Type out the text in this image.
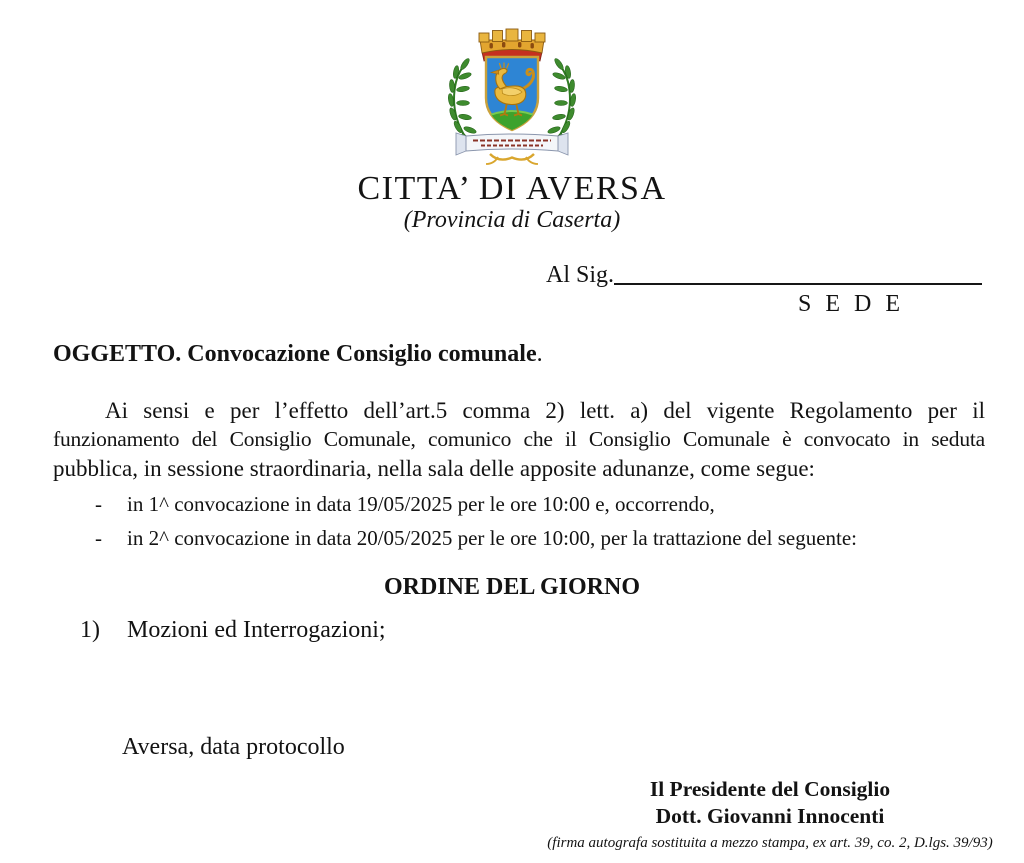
CITTA’ DI AVERSA
(Provincia di Caserta)
Al Sig.
S E D E
OGGETTO. Convocazione Consiglio comunale.
Ai sensi e per l’effetto dell’art.5 comma 2) lett. a) del vigente Regolamento per il
funzionamento del Consiglio Comunale, comunico che il Consiglio Comunale è convocato in seduta
pubblica, in sessione straordinaria, nella sala delle apposite adunanze, come segue:
-	in 1^ convocazione in data 19/05/2025 per le ore 10:00 e, occorrendo,
-	in 2^ convocazione in data 20/05/2025 per le ore 10:00, per la trattazione del seguente:
ORDINE DEL GIORNO
1)	Mozioni ed Interrogazioni;
Aversa, data protocollo
Il Presidente del Consiglio
Dott. Giovanni Innocenti
(firma autografa sostituita a mezzo stampa, ex art. 39, co. 2, D.lgs. 39/93)
